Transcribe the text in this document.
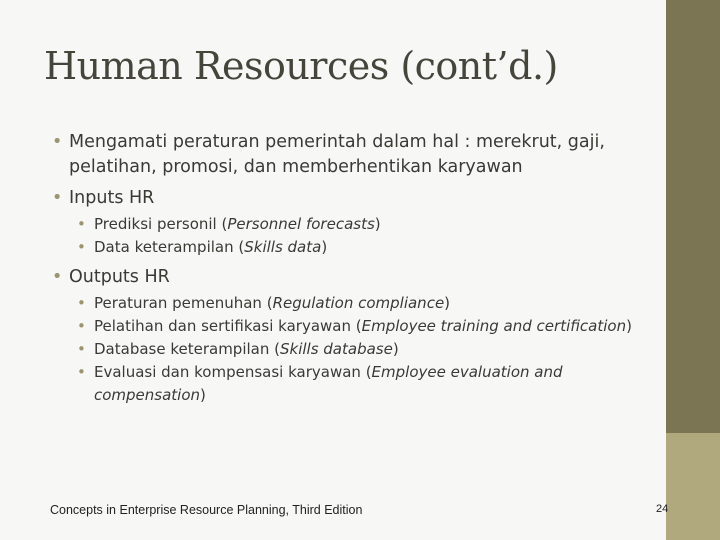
Human Resources (cont’d.)
• Mengamati peraturan pemerintah dalam hal : merekrut, gaji, pelatihan, promosi, dan memberhentikan karyawan
• Inputs HR
• Prediksi personil (Personnel forecasts)
• Data keterampilan (Skills data)
• Outputs HR
• Peraturan pemenuhan (Regulation compliance)
• Pelatihan dan sertifikasi karyawan (Employee training and certification)
• Database keterampilan (Skills database)
• Evaluasi dan kompensasi karyawan (Employee evaluation and compensation)
Concepts in Enterprise Resource Planning, Third Edition	24
